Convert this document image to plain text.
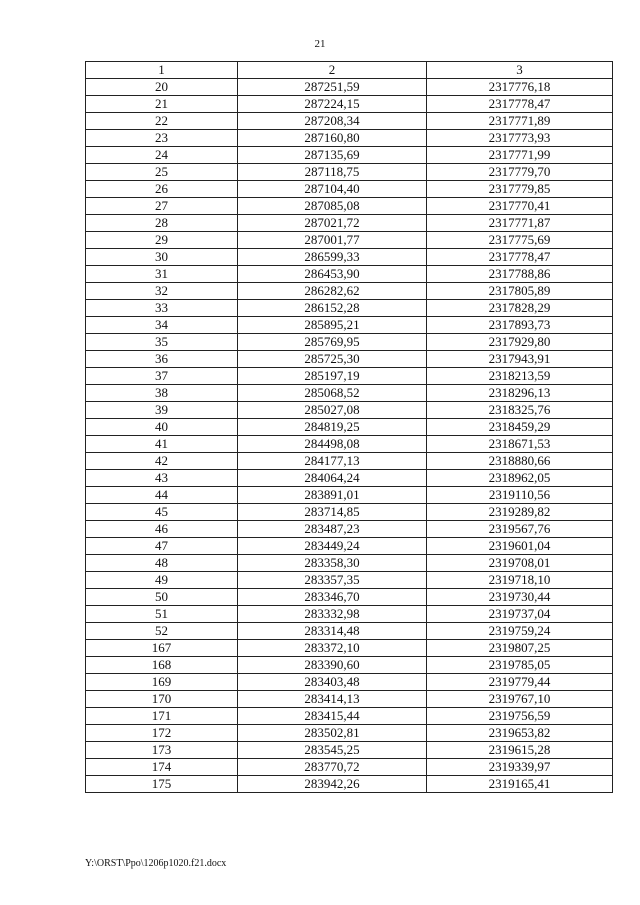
21
1	2	3
20	287251,59	2317776,18
21	287224,15	2317778,47
22	287208,34	2317771,89
23	287160,80	2317773,93
24	287135,69	2317771,99
25	287118,75	2317779,70
26	287104,40	2317779,85
27	287085,08	2317770,41
28	287021,72	2317771,87
29	287001,77	2317775,69
30	286599,33	2317778,47
31	286453,90	2317788,86
32	286282,62	2317805,89
33	286152,28	2317828,29
34	285895,21	2317893,73
35	285769,95	2317929,80
36	285725,30	2317943,91
37	285197,19	2318213,59
38	285068,52	2318296,13
39	285027,08	2318325,76
40	284819,25	2318459,29
41	284498,08	2318671,53
42	284177,13	2318880,66
43	284064,24	2318962,05
44	283891,01	2319110,56
45	283714,85	2319289,82
46	283487,23	2319567,76
47	283449,24	2319601,04
48	283358,30	2319708,01
49	283357,35	2319718,10
50	283346,70	2319730,44
51	283332,98	2319737,04
52	283314,48	2319759,24
167	283372,10	2319807,25
168	283390,60	2319785,05
169	283403,48	2319779,44
170	283414,13	2319767,10
171	283415,44	2319756,59
172	283502,81	2319653,82
173	283545,25	2319615,28
174	283770,72	2319339,97
175	283942,26	2319165,41
Y:\ORST\Ppo\1206p1020.f21.docx
